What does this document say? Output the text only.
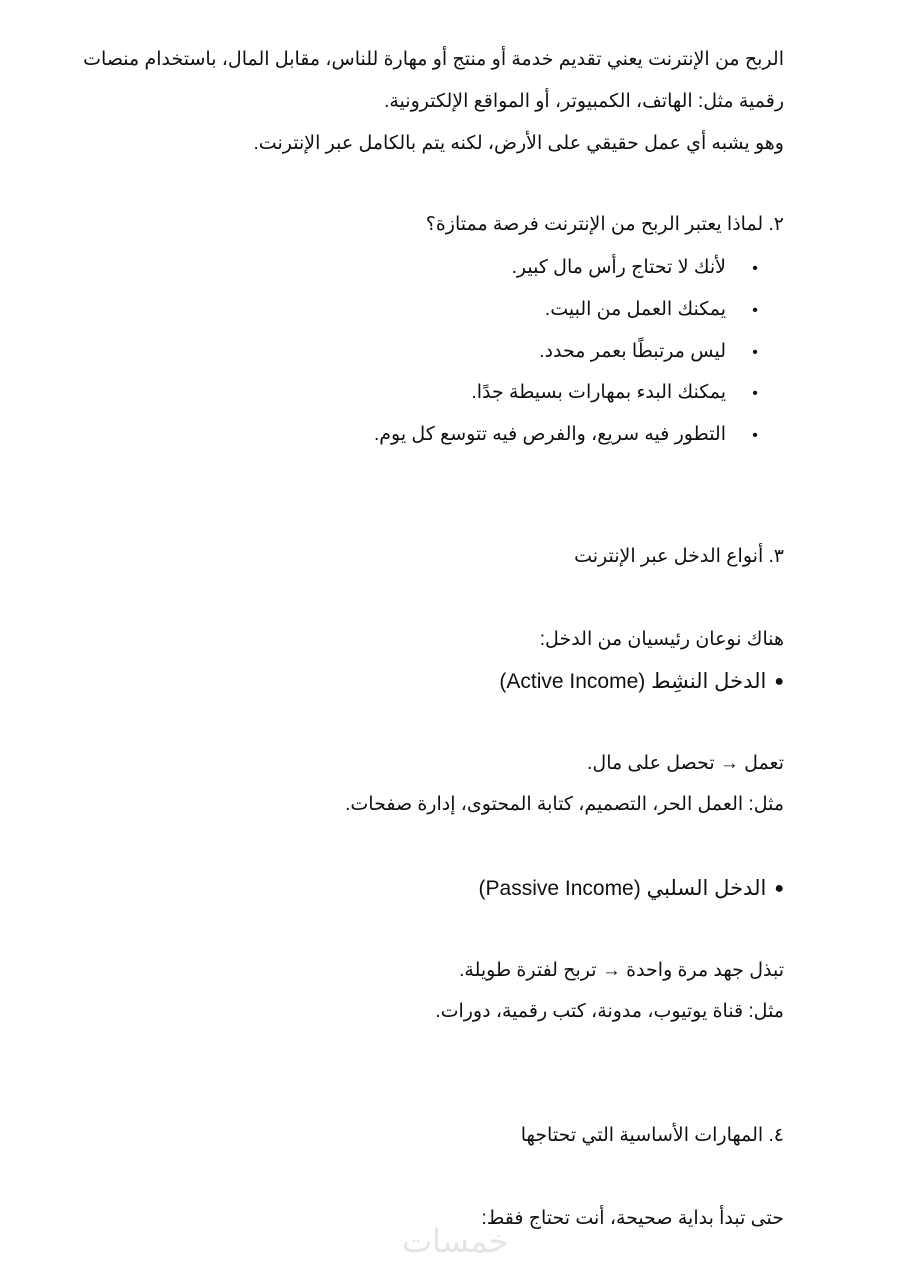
الربح من الإنترنت يعني تقديم خدمة أو منتج أو مهارة للناس، مقابل المال، باستخدام منصات
رقمية مثل: الهاتف، الكمبيوتر، أو المواقع الإلكترونية.
وهو يشبه أي عمل حقيقي على الأرض، لكنه يتم بالكامل عبر الإنترنت.
٢. لماذا يعتبر الربح من الإنترنت فرصة ممتازة؟
•لأنك لا تحتاج رأس مال كبير.
•يمكنك العمل من البيت.
•ليس مرتبطًا بعمر محدد.
•يمكنك البدء بمهارات بسيطة جدًا.
•التطور فيه سريع، والفرص فيه تتوسع كل يوم.
٣. أنواع الدخل عبر الإنترنت
هناك نوعان رئيسيان من الدخل:
●الدخل النشِط (Active Income)
تعمل → تحصل على مال.
مثل: العمل الحر، التصميم، كتابة المحتوى، إدارة صفحات.
●الدخل السلبي (Passive Income)
تبذل جهد مرة واحدة → تربح لفترة طويلة.
مثل: قناة يوتيوب، مدونة، كتب رقمية، دورات.
٤. المهارات الأساسية التي تحتاجها
حتى تبدأ بداية صحيحة، أنت تحتاج فقط:
خمسات
